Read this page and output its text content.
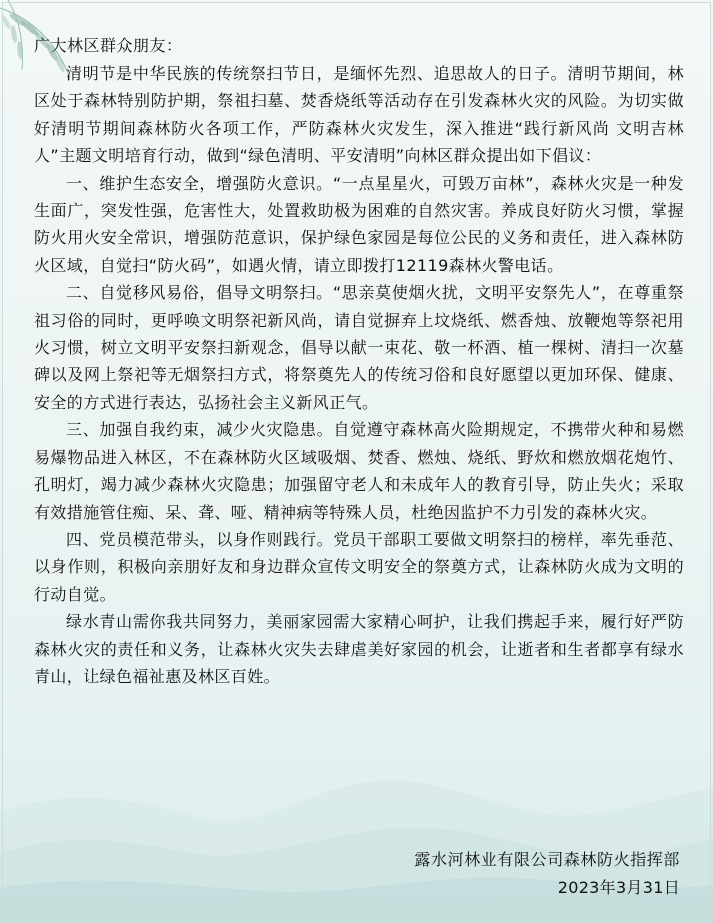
广大林区群众朋友：

清明节是中华民族的传统祭扫节日，是缅怀先烈、追思故人的日子。清明节期间，林区处于森林特别防护期，祭祖扫墓、焚香烧纸等活动存在引发森林火灾的风险。为切实做好清明节期间森林防火各项工作，严防森林火灾发生，深入推进“践行新风尚 文明吉林人”主题文明培育行动，做到“绿色清明、平安清明”向林区群众提出如下倡议：

一、维护生态安全，增强防火意识。“一点星星火，可毁万亩林”，森林火灾是一种发生面广，突发性强，危害性大，处置救助极为困难的自然灾害。养成良好防火习惯，掌握防火用火安全常识，增强防范意识，保护绿色家园是每位公民的义务和责任，进入森林防火区域，自觉扫“防火码”，如遇火情，请立即拨打12119森林火警电话。

二、自觉移风易俗，倡导文明祭扫。“思亲莫使烟火扰，文明平安祭先人”，在尊重祭祖习俗的同时，更呼唤文明祭祀新风尚，请自觉摒弃上坟烧纸、燃香烛、放鞭炮等祭祀用火习惯，树立文明平安祭扫新观念，倡导以献一束花、敬一杯酒、植一棵树、清扫一次墓碑以及网上祭祀等无烟祭扫方式，将祭奠先人的传统习俗和良好愿望以更加环保、健康、安全的方式进行表达，弘扬社会主义新风正气。

三、加强自我约束，减少火灾隐患。自觉遵守森林高火险期规定，不携带火种和易燃易爆物品进入林区，不在森林防火区域吸烟、焚香、燃烛、烧纸、野炊和燃放烟花炮竹、孔明灯，竭力减少森林火灾隐患；加强留守老人和未成年人的教育引导，防止失火；采取有效措施管住痴、呆、聋、哑、精神病等特殊人员，杜绝因监护不力引发的森林火灾。

四、党员模范带头，以身作则践行。党员干部职工要做文明祭扫的榜样，率先垂范、以身作则，积极向亲朋好友和身边群众宣传文明安全的祭奠方式，让森林防火成为文明的行动自觉。

绿水青山需你我共同努力，美丽家园需大家精心呵护，让我们携起手来，履行好严防森林火灾的责任和义务，让森林火灾失去肆虐美好家园的机会，让逝者和生者都享有绿水青山，让绿色福祉惠及林区百姓。

露水河林业有限公司森林防火指挥部
2023年3月31日
